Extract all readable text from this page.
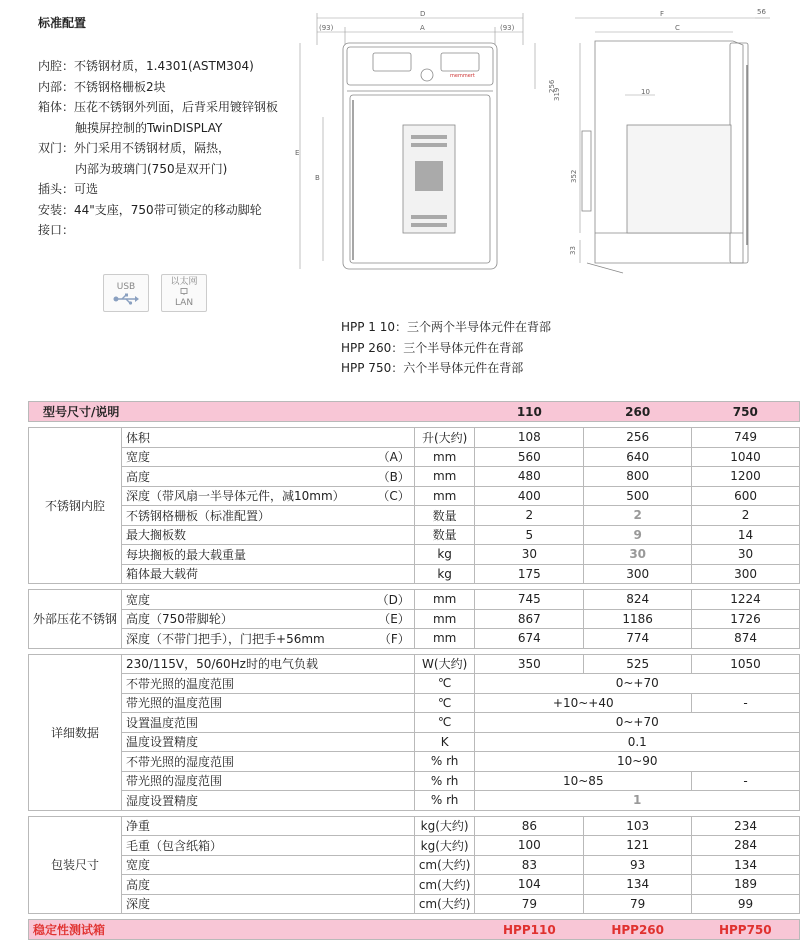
标准配置
内腔：不锈钢材质，1.4301(ASTM304)
内部：不锈钢格栅板2块
箱体：压花不锈钢外列面，后背采用镀锌钢板
触摸屏控制的TwinDISPLAY
双门：外门采用不锈钢材质，隔热，
内部为玻璃门(750是双开门)
插头：可选
安装：44"支座，750带可锁定的移动脚轮
接口：
USB	以太网
LAN
HPP 1 10：三个两个半导体元件在背部
HPP 260：三个半导体元件在背部
HPP 750：六个半导体元件在背部
D
A
(93)	(93)
E
B
256
memmert
F
C
56
319	10
352
33
型号尺寸/说明			110	260	750

不锈钢内腔	体积	升(大约)	108	256	749

	宽度 （A）	mm	560	640	1040

	高度 （B）	mm	480	800	1200

	深度（带风扇一半导体元件，减10mm） （C）	mm	400	500	600

	不锈钢格栅板（标准配置）	数量	2	2	2

	最大搁板数	数量	5	9	14

	每块搁板的最大载重量	kg	30	30	30

	箱体最大载荷	kg	175	300	300

外部压花不锈钢	宽度 （D）	mm	745	824	1224

	高度（750带脚轮） （E）	mm	867	1186	1726

	深度（不带门把手），门把手+56mm （F）	mm	674	774	874

详细数据	230/115V，50/60Hz时的电气负载	W(大约)	350	525	1050
	不带光照的温度范围	℃	0~+70		
	带光照的温度范围	℃	+10~+40		-
	设置温度范围	℃	0~+70		
	温度设置精度	K	0.1		
	不带光照的湿度范围	% rh	10~90		
	带光照的湿度范围	% rh	10~85		-
	湿度设置精度	% rh	1		

包装尺寸	净重	kg(大约)	86	103	234
	毛重（包含纸箱）	kg(大约)	100	121	284
	宽度	cm(大约)	83	93	134
	高度	cm(大约)	104	134	189
	深度	cm(大约)	79	79	99

稳定性测试箱			HPP110	HPP260	HPP750
